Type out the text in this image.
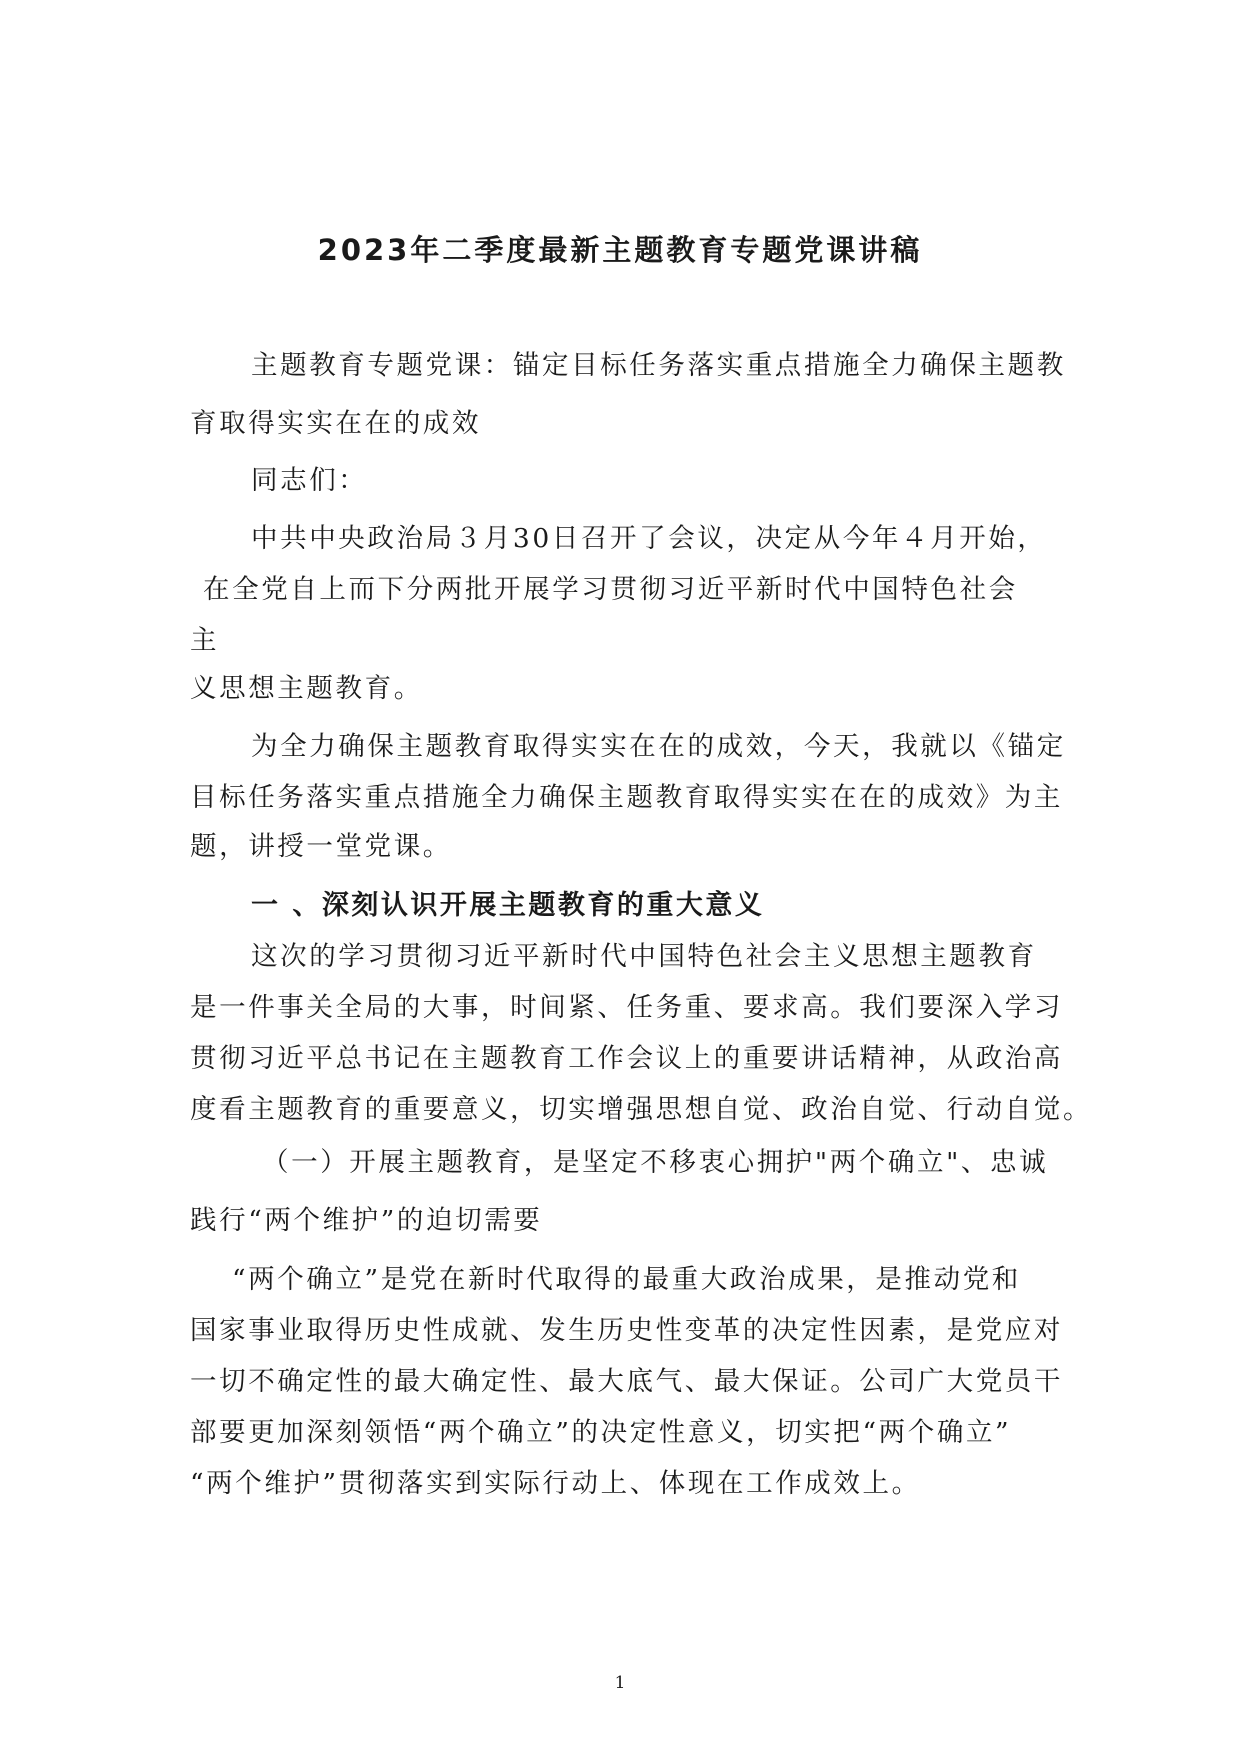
2023年二季度最新主题教育专题党课讲稿
主题教育专题党课：锚定目标任务落实重点措施全力确保主题教
育取得实实在在的成效
同志们：
中共中央政治局３月30日召开了会议，决定从今年４月开始，
在全党自上而下分两批开展学习贯彻习近平新时代中国特色社会
主
义思想主题教育。
为全力确保主题教育取得实实在在的成效，今天，我就以《锚定
目标任务落实重点措施全力确保主题教育取得实实在在的成效》为主
题，讲授一堂党课。
一 、深刻认识开展主题教育的重大意义
这次的学习贯彻习近平新时代中国特色社会主义思想主题教育
是一件事关全局的大事，时间紧、任务重、要求高。我们要深入学习
贯彻习近平总书记在主题教育工作会议上的重要讲话精神，从政治高
度看主题教育的重要意义，切实增强思想自觉、政治自觉、行动自觉。
（一）开展主题教育，是坚定不移衷心拥护"两个确立"、忠诚
践行“两个维护”的迫切需要
“两个确立”是党在新时代取得的最重大政治成果，是推动党和
国家事业取得历史性成就、发生历史性变革的决定性因素，是党应对
一切不确定性的最大确定性、最大底气、最大保证。公司广大党员干
部要更加深刻领悟“两个确立”的决定性意义，切实把“两个确立”
“两个维护”贯彻落实到实际行动上、体现在工作成效上。
1
